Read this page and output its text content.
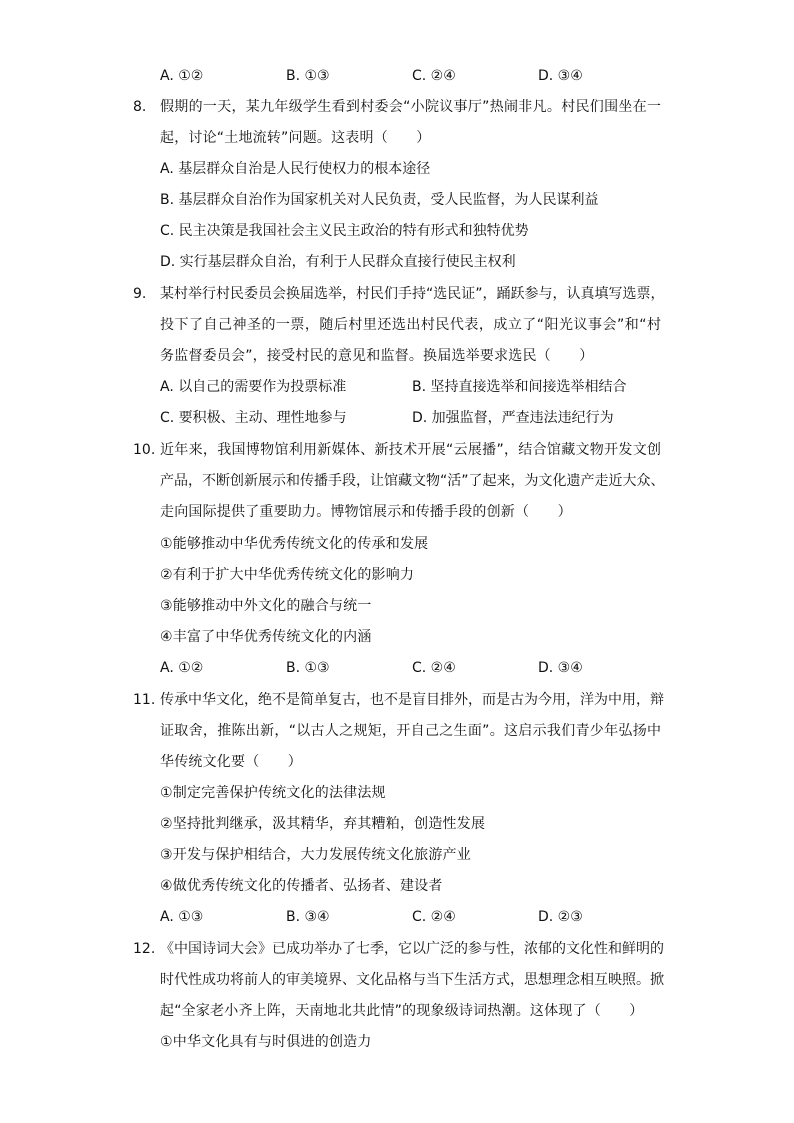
A. ①②	B. ①③	C. ②④	D. ③④
8. 假期的一天，某九年级学生看到村委会“小院议事厅”热闹非凡。村民们围坐在一
起，讨论“土地流转”问题。这表明（　　）
A. 基层群众自治是人民行使权力的根本途径
B. 基层群众自治作为国家机关对人民负责，受人民监督，为人民谋利益
C. 民主决策是我国社会主义民主政治的特有形式和独特优势
D. 实行基层群众自治，有利于人民群众直接行使民主权利
9. 某村举行村民委员会换届选举，村民们手持“选民证”，踊跃参与，认真填写选票，
投下了自己神圣的一票，随后村里还选出村民代表，成立了“阳光议事会”和“村
务监督委员会”，接受村民的意见和监督。换届选举要求选民（　　）
A. 以自己的需要作为投票标准	B. 坚持直接选举和间接选举相结合
C. 要积极、主动、理性地参与	D. 加强监督，严查违法违纪行为
10. 近年来，我国博物馆利用新媒体、新技术开展“云展播”，结合馆藏文物开发文创
产品，不断创新展示和传播手段，让馆藏文物“活”了起来，为文化遗产走近大众、
走向国际提供了重要助力。博物馆展示和传播手段的创新（　　）
①能够推动中华优秀传统文化的传承和发展
②有利于扩大中华优秀传统文化的影响力
③能够推动中外文化的融合与统一
④丰富了中华优秀传统文化的内涵
A. ①②	B. ①③	C. ②④	D. ③④
11. 传承中华文化，绝不是简单复古，也不是盲目排外，而是古为今用，洋为中用，辩
证取舍，推陈出新，“以古人之规矩，开自己之生面”。这启示我们青少年弘扬中
华传统文化要（　　）
①制定完善保护传统文化的法律法规
②坚持批判继承，汲其精华，弃其糟粕，创造性发展
③开发与保护相结合，大力发展传统文化旅游产业
④做优秀传统文化的传播者、弘扬者、建设者
A. ①③	B. ③④	C. ②④	D. ②③
12. 《中国诗词大会》已成功举办了七季，它以广泛的参与性，浓郁的文化性和鲜明的
时代性成功将前人的审美境界、文化品格与当下生活方式，思想理念相互映照。掀
起“全家老小齐上阵，天南地北共此情”的现象级诗词热潮。这体现了（　　）
①中华文化具有与时俱进的创造力
